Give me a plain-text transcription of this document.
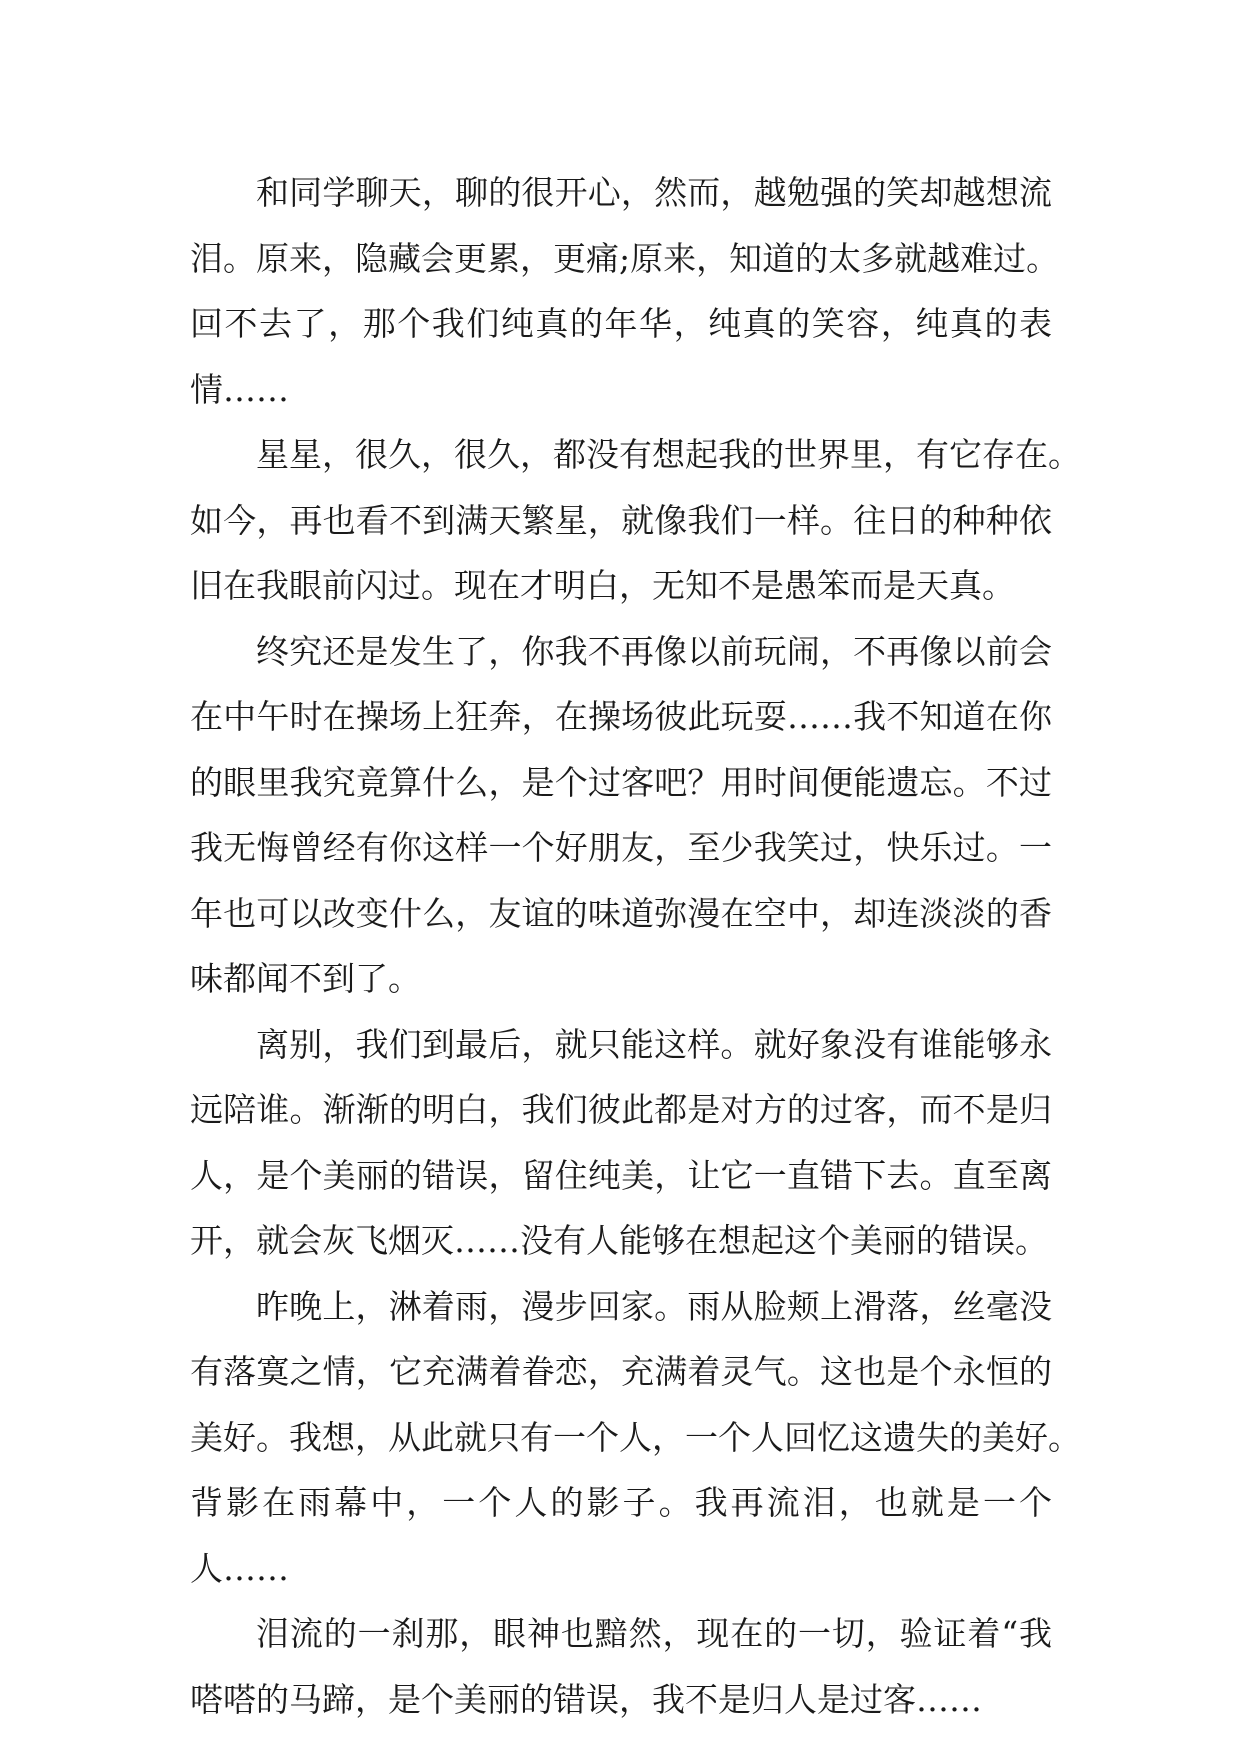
和同学聊天，聊的很开心，然而，越勉强的笑却越想流
泪。原来，隐藏会更累，更痛;原来，知道的太多就越难过。
回不去了，那个我们纯真的年华，纯真的笑容，纯真的表
情……
星星，很久，很久，都没有想起我的世界里，有它存在。
如今，再也看不到满天繁星，就像我们一样。往日的种种依
旧在我眼前闪过。现在才明白，无知不是愚笨而是天真。
终究还是发生了，你我不再像以前玩闹，不再像以前会
在中午时在操场上狂奔，在操场彼此玩耍……我不知道在你
的眼里我究竟算什么，是个过客吧？用时间便能遗忘。不过
我无悔曾经有你这样一个好朋友，至少我笑过，快乐过。一
年也可以改变什么，友谊的味道弥漫在空中，却连淡淡的香
味都闻不到了。
离别，我们到最后，就只能这样。就好象没有谁能够永
远陪谁。渐渐的明白，我们彼此都是对方的过客，而不是归
人，是个美丽的错误，留住纯美，让它一直错下去。直至离
开，就会灰飞烟灭……没有人能够在想起这个美丽的错误。
昨晚上，淋着雨，漫步回家。雨从脸颊上滑落，丝毫没
有落寞之情，它充满着眷恋，充满着灵气。这也是个永恒的
美好。我想，从此就只有一个人，一个人回忆这遗失的美好。
背影在雨幕中，一个人的影子。我再流泪，也就是一个
人……
泪流的一刹那，眼神也黯然，现在的一切，验证着“我
嗒嗒的马蹄，是个美丽的错误，我不是归人是过客……
